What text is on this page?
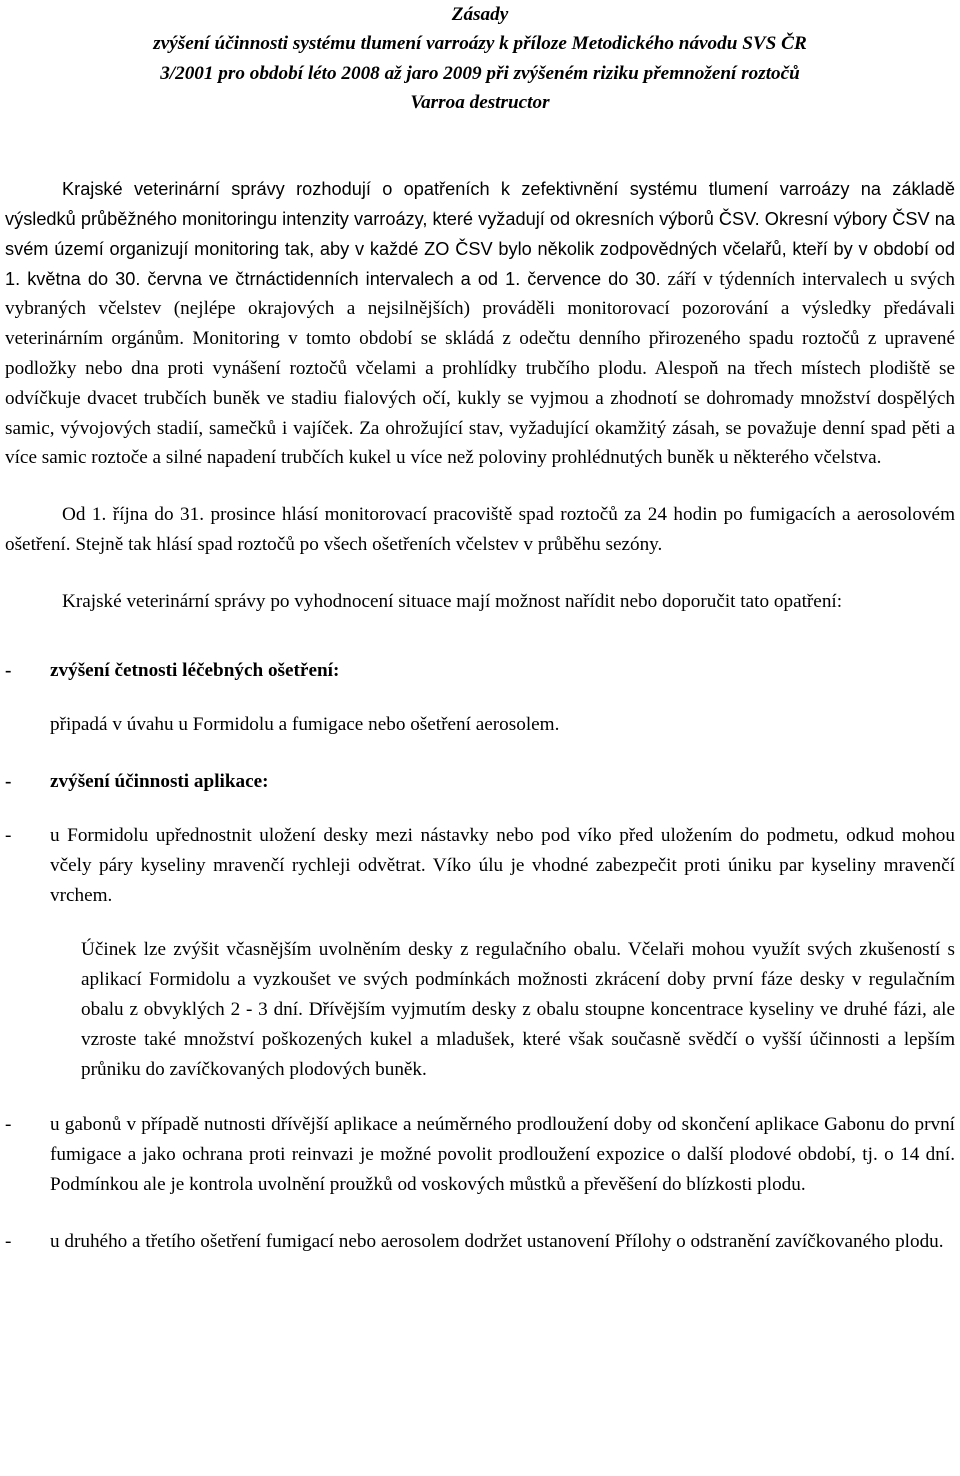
Zásady
zvýšení účinnosti systému tlumení varroázy k příloze Metodického návodu SVS ČR
3/2001 pro období léto 2008 až jaro 2009 při zvýšeném riziku přemnožení roztočů
Varroa destructor

Krajské veterinární správy rozhodují o opatřeních k zefektivnění systému tlumení varroázy na základě výsledků průběžného monitoringu intenzity varroázy, které vyžadují od okresních výborů ČSV. Okresní výbory ČSV na svém území organizují monitoring tak, aby v každé ZO ČSV bylo několik zodpovědných včelařů, kteří by v období od 1. května do 30. června ve čtrnáctidenních intervalech a od 1. července do 30. září v týdenních intervalech u svých vybraných včelstev (nejlépe okrajových a nejsilnějších) prováděli monitorovací pozorování a výsledky předávali veterinárním orgánům. Monitoring v tomto období se skládá z odečtu denního přirozeného spadu roztočů z upravené podložky nebo dna proti vynášení roztočů včelami a prohlídky trubčího plodu. Alespoň na třech místech plodiště se odvíčkuje dvacet trubčích buněk ve stadiu fialových očí, kukly se vyjmou a zhodnotí se dohromady množství dospělých samic, vývojových stadií, samečků i vajíček. Za ohrožující stav, vyžadující okamžitý zásah, se považuje denní spad pěti a více samic roztoče a silné napadení trubčích kukel u více než poloviny prohlédnutých buněk u některého včelstva.

Od 1. října do 31. prosince hlásí monitorovací pracoviště spad roztočů za 24 hodin po fumigacích a aerosolovém ošetření. Stejně tak hlásí spad roztočů po všech ošetřeních včelstev v průběhu sezóny.

Krajské veterinární správy po vyhodnocení situace mají možnost nařídit nebo doporučit tato opatření:

-	zvýšení četnosti léčebných ošetření:

připadá v úvahu u Formidolu a fumigace nebo ošetření aerosolem.

-	zvýšení účinnosti aplikace:
-	u Formidolu upřednostnit uložení desky mezi nástavky nebo pod víko před uložením do podmetu, odkud mohou včely páry kyseliny mravenčí rychleji odvětrat. Víko úlu je vhodné zabezpečit proti úniku par kyseliny mravenčí vrchem.

Účinek lze zvýšit včasnějším uvolněním desky z regulačního obalu. Včelaři mohou využít svých zkušeností s aplikací Formidolu a vyzkoušet ve svých podmínkách možnosti zkrácení doby první fáze desky v regulačním obalu z obvyklých 2 - 3 dní. Dřívějším vyjmutím desky z obalu stoupne koncentrace kyseliny ve druhé fázi, ale vzroste také množství poškozených kukel a mladušek, které však současně svědčí o vyšší účinnosti a lepším průniku do zavíčkovaných plodových buněk.

-	u gabonů v případě nutnosti dřívější aplikace a neúměrného prodloužení doby od skončení aplikace Gabonu do první fumigace a jako ochrana proti reinvazi je možné povolit prodloužení expozice o další plodové období, tj. o 14 dní. Podmínkou ale je kontrola uvolnění proužků od voskových můstků a převěšení do blízkosti plodu.

-	u druhého a třetího ošetření fumigací nebo aerosolem dodržet ustanovení Přílohy o odstranění zavíčkovaného plodu.
